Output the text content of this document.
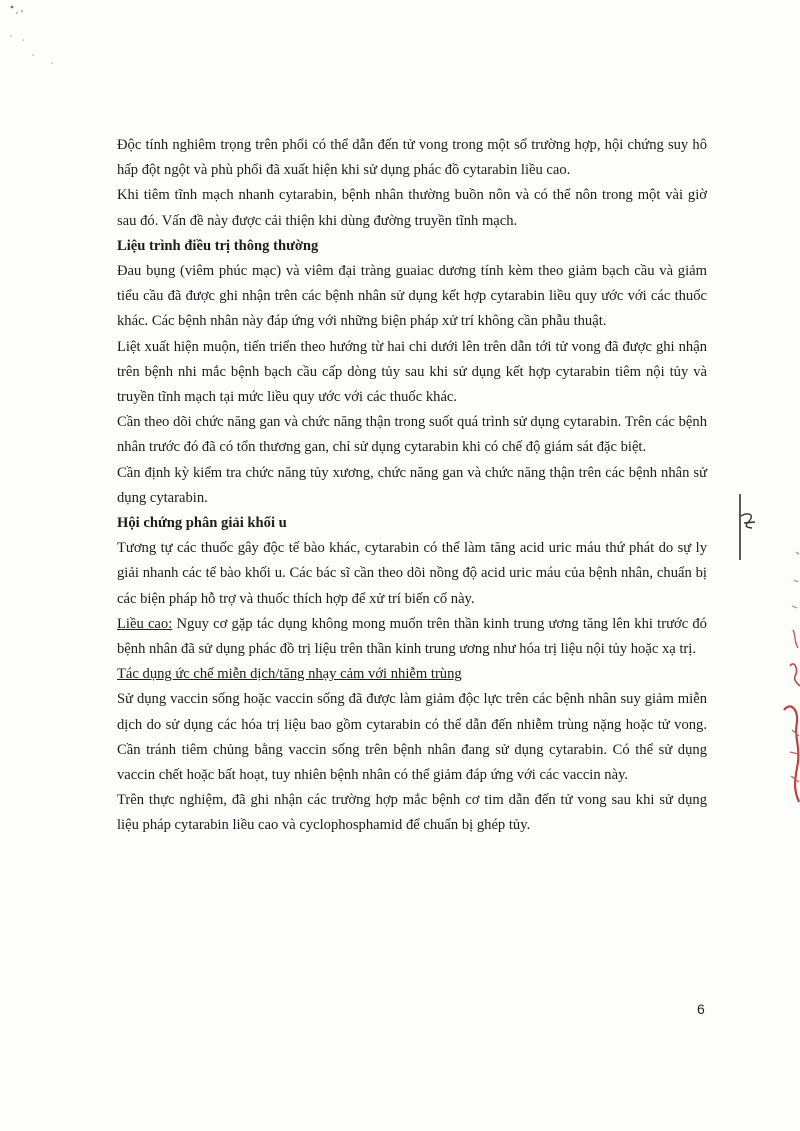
Độc tính nghiêm trọng trên phổi có thể dẫn đến tử vong trong một số trường hợp, hội chứng suy hô hấp đột ngột và phù phổi đã xuất hiện khi sử dụng phác đồ cytarabin liều cao.

Khi tiêm tĩnh mạch nhanh cytarabin, bệnh nhân thường buồn nôn và có thể nôn trong một vài giờ sau đó. Vấn đề này được cải thiện khi dùng đường truyền tĩnh mạch.

Liệu trình điều trị thông thường

Đau bụng (viêm phúc mạc) và viêm đại tràng guaiac dương tính kèm theo giảm bạch cầu và giảm tiểu cầu đã được ghi nhận trên các bệnh nhân sử dụng kết hợp cytarabin liều quy ước với các thuốc khác. Các bệnh nhân này đáp ứng với những biện pháp xử trí không cần phẫu thuật.

Liệt xuất hiện muộn, tiến triển theo hướng từ hai chi dưới lên trên dẫn tới tử vong đã được ghi nhận trên bệnh nhi mắc bệnh bạch cầu cấp dòng tủy sau khi sử dụng kết hợp cytarabin tiêm nội tủy và truyền tĩnh mạch tại mức liều quy ước với các thuốc khác.

Cần theo dõi chức năng gan và chức năng thận trong suốt quá trình sử dụng cytarabin. Trên các bệnh nhân trước đó đã có tổn thương gan, chỉ sử dụng cytarabin khi có chế độ giám sát đặc biệt.

Cần định kỳ kiểm tra chức năng tủy xương, chức năng gan và chức năng thận trên các bệnh nhân sử dụng cytarabin.

Hội chứng phân giải khối u

Tương tự các thuốc gây độc tế bào khác, cytarabin có thể làm tăng acid uric máu thứ phát do sự ly giải nhanh các tế bào khối u. Các bác sĩ cần theo dõi nồng độ acid uric máu của bệnh nhân, chuẩn bị các biện pháp hỗ trợ và thuốc thích hợp để xử trí biến cố này.

Liều cao: Nguy cơ gặp tác dụng không mong muốn trên thần kinh trung ương tăng lên khi trước đó bệnh nhân đã sử dụng phác đồ trị liệu trên thần kinh trung ương như hóa trị liệu nội tủy hoặc xạ trị.

Tác dụng ức chế miễn dịch/tăng nhạy cảm với nhiễm trùng

Sử dụng vaccin sống hoặc vaccin sống đã được làm giảm độc lực trên các bệnh nhân suy giảm miễn dịch do sử dụng các hóa trị liệu bao gồm cytarabin có thể dẫn đến nhiễm trùng nặng hoặc tử vong. Cần tránh tiêm chủng bằng vaccin sống trên bệnh nhân đang sử dụng cytarabin. Có thể sử dụng vaccin chết hoặc bất hoạt, tuy nhiên bệnh nhân có thể giảm đáp ứng với các vaccin này.

Trên thực nghiệm, đã ghi nhận các trường hợp mắc bệnh cơ tim dẫn đến tử vong sau khi sử dụng liệu pháp cytarabin liều cao và cyclophosphamid để chuẩn bị ghép tủy.

6
